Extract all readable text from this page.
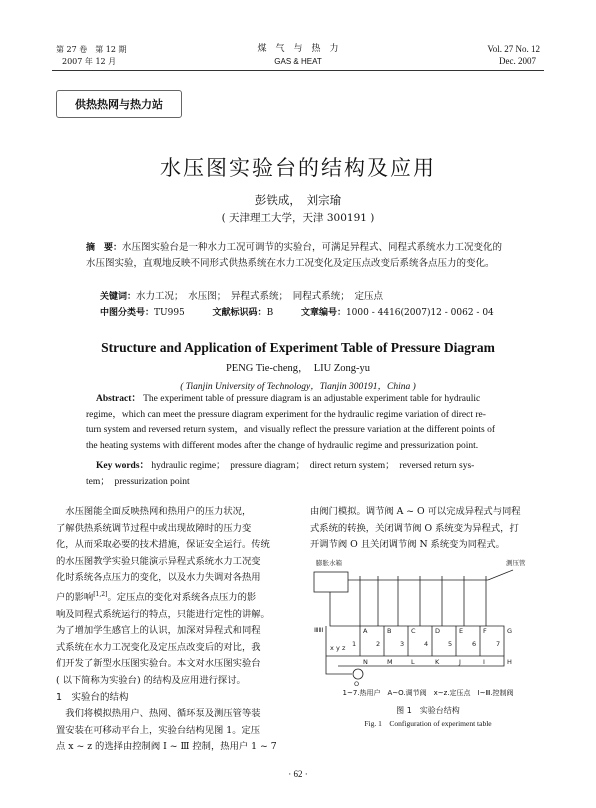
第 27 卷　第 12 期
2007 年 12 月
煤　气　与　热　力
GAS & HEAT
Vol. 27 No. 12
Dec. 2007
供热热网与热力站
水压图实验台的结构及应用
彭铁成，　刘宗瑜
( 天津理工大学，天津 300191 )
摘　要：水压图实验台是一种水力工况可调节的实验台，可满足异程式、同程式系统水力工况变化的水压图实验，直观地反映不同形式供热系统在水力工况变化及定压点改变后系统各点压力的变化。
关键词：水力工况；　水压图；　异程式系统；　同程式系统；　定压点
中图分类号：TU995	文献标识码：B	文章编号：1000 - 4416(2007)12 - 0062 - 04
Structure and Application of Experiment Table of Pressure Diagram
PENG Tie-cheng，　LIU Zong-yu
( Tianjin University of Technology，Tianjin 300191，China )
Abstract： The experiment table of pressure diagram is an adjustable experiment table for hydraulic
regime，which can meet the pressure diagram experiment for the hydraulic regime variation of direct re-
turn system and reversed return system，and visually reflect the pressure variation at the different points of
the heating systems with different modes after the change of hydraulic regime and pressurization point.
Key words： hydraulic regime；　pressure diagram；　direct return system；　reversed return sys-
tem；　pressurization point
　水压图能全面反映热网和热用户的压力状况，
了解供热系统调节过程中或出现故障时的压力变
化，从而采取必要的技术措施，保证安全运行。传统
的水压图教学实验只能演示异程式系统水力工况变
化时系统各点压力的变化，以及水力失调对各热用
户的影响[1,2]。定压点的变化对系统各点压力的影
响及同程式系统运行的特点，只能进行定性的讲解。
为了增加学生感官上的认识，加深对异程式和同程
式系统在水力工况变化及定压点改变后的对比，我
们开发了新型水压图实验台。本文对水压图实验台
( 以下简称为实验台) 的结构及应用进行探讨。
1　实验台的结构
　我们将模拟热用户、热网、循环泵及测压管等装
置安装在可移动平台上，实验台结构见图 1。定压
点 x ~ z 的选择由控制阀 Ⅰ ~ Ⅲ 控制，热用户 1 ~ 7
由阀门模拟。调节阀 A ~ O 可以完成异程式与同程
式系统的转换，关闭调节阀 O 系统变为异程式，打
开调节阀 O 且关闭调节阀 N 系统变为同程式。
膨胀水箱	测压管
ⅢⅡⅠ	A	B	C	D	E	F	G
1	2	3	4	5	6	7
N	M	L	K	J	I	H
x y z
O
1~7.热用户　A~O.调节阀　x~z.定压点　Ⅰ~Ⅲ.控制阀
图 1　实验台结构
Fig. 1　Configuration of experiment table
· 62 ·
